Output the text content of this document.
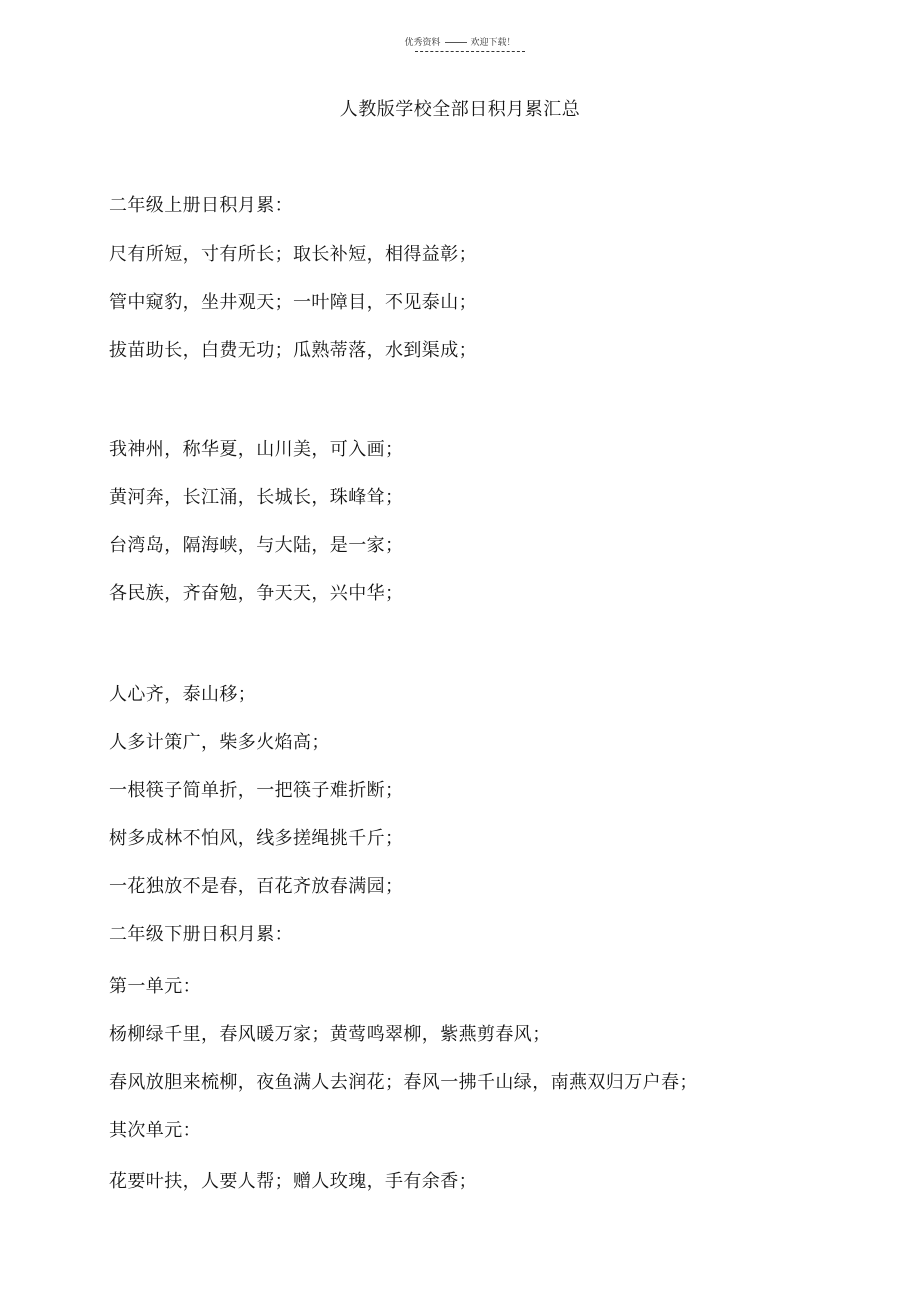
优秀资料	欢迎下载！
人教版学校全部日积月累汇总
二年级上册日积月累：
尺有所短，寸有所长；取长补短，相得益彰；
管中窥豹，坐井观天；一叶障目，不见泰山；
拔苗助长，白费无功；瓜熟蒂落，水到渠成；
我神州，称华夏，山川美，可入画；
黄河奔，长江涌，长城长，珠峰耸；
台湾岛，隔海峡，与大陆，是一家；
各民族，齐奋勉，争天天，兴中华；
人心齐，泰山移；
人多计策广，柴多火焰高；
一根筷子简单折，一把筷子难折断；
树多成林不怕风，线多搓绳挑千斤；
一花独放不是春，百花齐放春满园；
二年级下册日积月累：
第一单元：
杨柳绿千里，春风暖万家；黄莺鸣翠柳，紫燕剪春风；
春风放胆来梳柳，夜鱼满人去润花；春风一拂千山绿，南燕双归万户春；
其次单元：
花要叶扶，人要人帮；赠人玫瑰，手有余香；
